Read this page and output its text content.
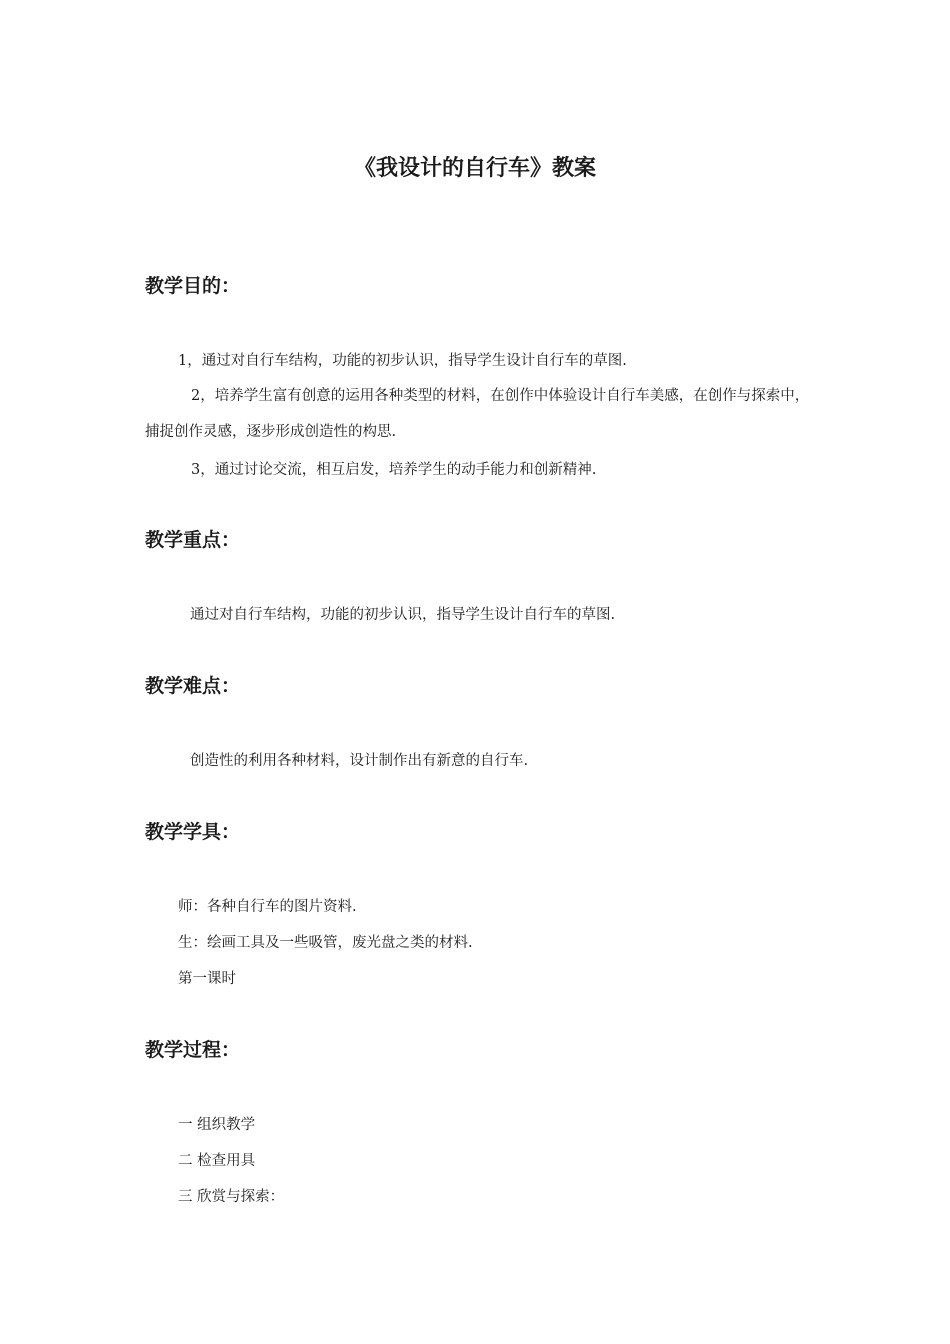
《我设计的自行车》教案
教学目的：

1，通过对自行车结构，功能的初步认识，指导学生设计自行车的草图.

2，培养学生富有创意的运用各种类型的材料，在创作中体验设计自行车美感，在创作与探索中，捕捉创作灵感，逐步形成创造性的构思.

3，通过讨论交流，相互启发，培养学生的动手能力和创新精神.

教学重点：

通过对自行车结构，功能的初步认识，指导学生设计自行车的草图.

教学难点：

创造性的利用各种材料，设计制作出有新意的自行车.

教学学具：

师：各种自行车的图片资料.

生：绘画工具及一些吸管，废光盘之类的材料.

第一课时

教学过程：

一 组织教学

二 检查用具

三 欣赏与探索：
